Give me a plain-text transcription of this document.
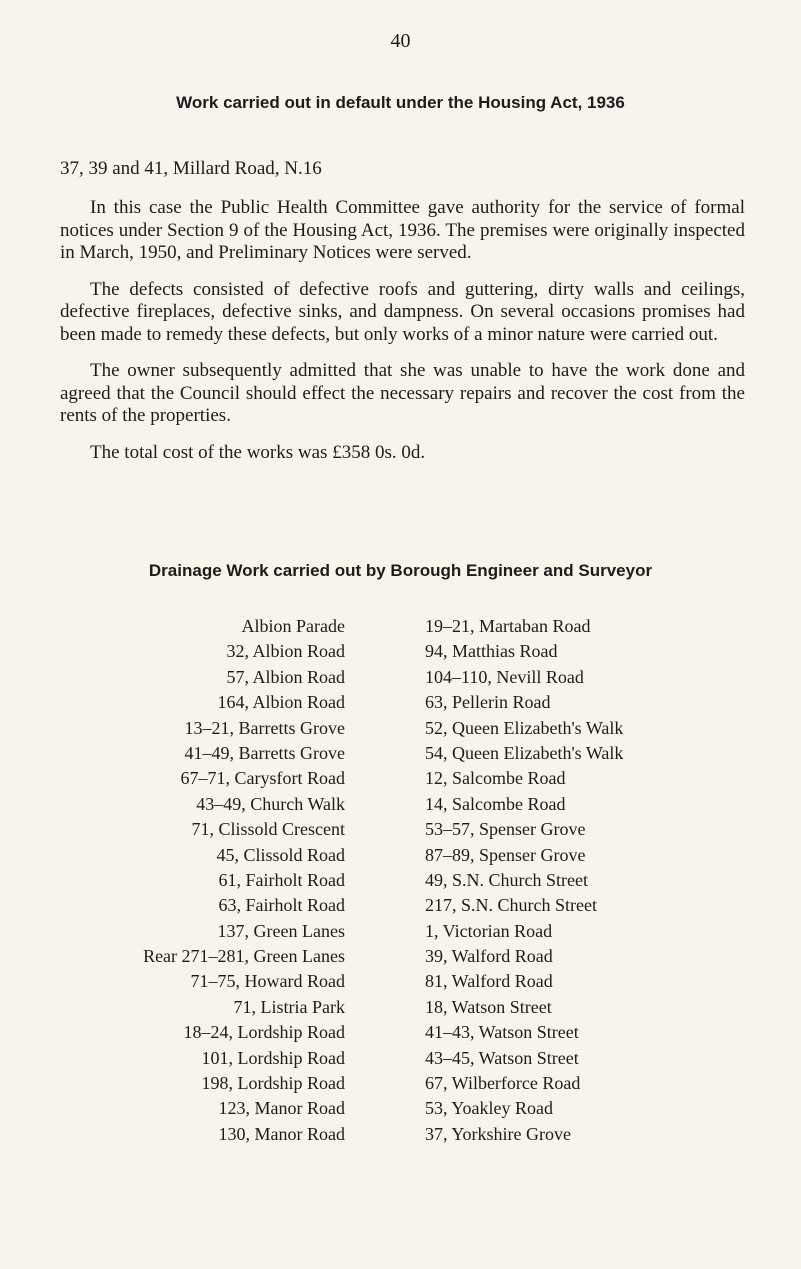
40
Work carried out in default under the Housing Act, 1936
37, 39 and 41, Millard Road, N.16

In this case the Public Health Committee gave authority for the service of formal notices under Section 9 of the Housing Act, 1936. The premises were originally inspected in March, 1950, and Preliminary Notices were served.

The defects consisted of defective roofs and guttering, dirty walls and ceilings, defective fireplaces, defective sinks, and dampness. On several occasions promises had been made to remedy these defects, but only works of a minor nature were carried out.

The owner subsequently admitted that she was unable to have the work done and agreed that the Council should effect the necessary repairs and recover the cost from the rents of the properties.

The total cost of the works was £358 0s. 0d.

Drainage Work carried out by Borough Engineer and Surveyor
Albion Parade
32, Albion Road
57, Albion Road
164, Albion Road
13–21, Barretts Grove
41–49, Barretts Grove
67–71, Carysfort Road
43–49, Church Walk
71, Clissold Crescent
45, Clissold Road
61, Fairholt Road
63, Fairholt Road
137, Green Lanes
Rear 271–281, Green Lanes
71–75, Howard Road
71, Listria Park
18–24, Lordship Road
101, Lordship Road
198, Lordship Road
123, Manor Road
130, Manor Road
19–21, Martaban Road
94, Matthias Road
104–110, Nevill Road
63, Pellerin Road
52, Queen Elizabeth's Walk
54, Queen Elizabeth's Walk
12, Salcombe Road
14, Salcombe Road
53–57, Spenser Grove
87–89, Spenser Grove
49, S.N. Church Street
217, S.N. Church Street
1, Victorian Road
39, Walford Road
81, Walford Road
18, Watson Street
41–43, Watson Street
43–45, Watson Street
67, Wilberforce Road
53, Yoakley Road
37, Yorkshire Grove
